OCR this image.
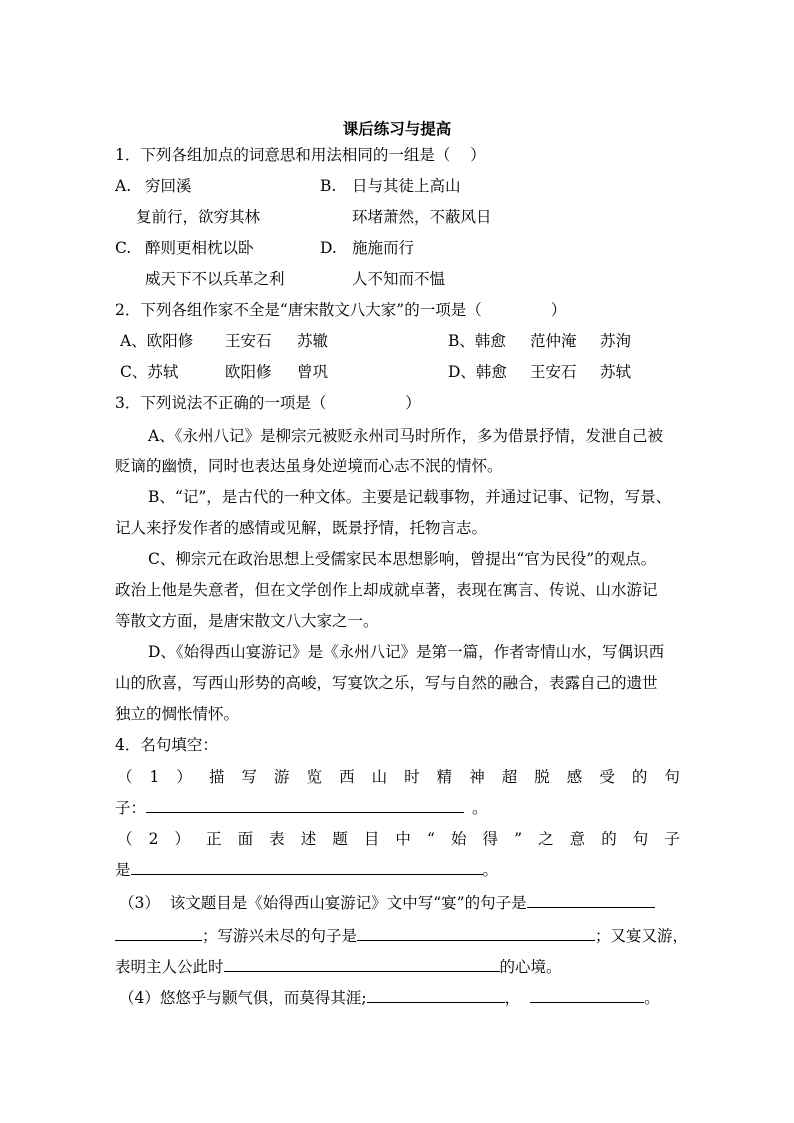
课后练习与提高
1．下列各组加点的词意思和用法相同的一组是（    ）
A. 穷回溪	B. 日与其徒上高山
复前行，欲穷其林	环堵萧然，不蔽风日
C. 醉则更相枕以卧	D. 施施而行
威天下不以兵革之利	人不知而不愠
2．下列各组作家不全是“唐宋散文八大家”的一项是（              ）
A、欧阳修 王安石 苏辙	B、韩愈 范仲淹 苏洵
C、苏轼	欧阳修 曾巩	D、韩愈 王安石 苏轼
3．下列说法不正确的一项是（                ）
A、《永州八记》是柳宗元被贬永州司马时所作，多为借景抒情，发泄自己被
贬谪的幽愤，同时也表达虽身处逆境而心志不泯的情怀。
B、“记”，是古代的一种文体。主要是记载事物，并通过记事、记物，写景、
记人来抒发作者的感情或见解，既景抒情，托物言志。
C、柳宗元在政治思想上受儒家民本思想影响，曾提出“官为民役”的观点。
政治上他是失意者，但在文学创作上却成就卓著，表现在寓言、传说、山水游记
等散文方面，是唐宋散文八大家之一。
D、《始得西山宴游记》是《永州八记》是第一篇，作者寄情山水，写偶识西
山的欣喜，写西山形势的高峻，写宴饮之乐，写与自然的融合，表露自己的遗世
独立的惆怅情怀。
4．名句填空：
（ 1 ） 描 写 游 览 西 山 时 精 神 超 脱 感 受 的 句
子：	。
（ 2 ） 正 面 表 述 题 目 中 “ 始 得 ” 之 意 的 句 子
是	。
（3）  该文题目是《始得西山宴游记》文中写“宴”的句子是
；写游兴未尽的句子是	；又宴又游，
表明主人公此时	的心境。
（4）悠悠乎与颢气俱，而莫得其涯;	，	。
